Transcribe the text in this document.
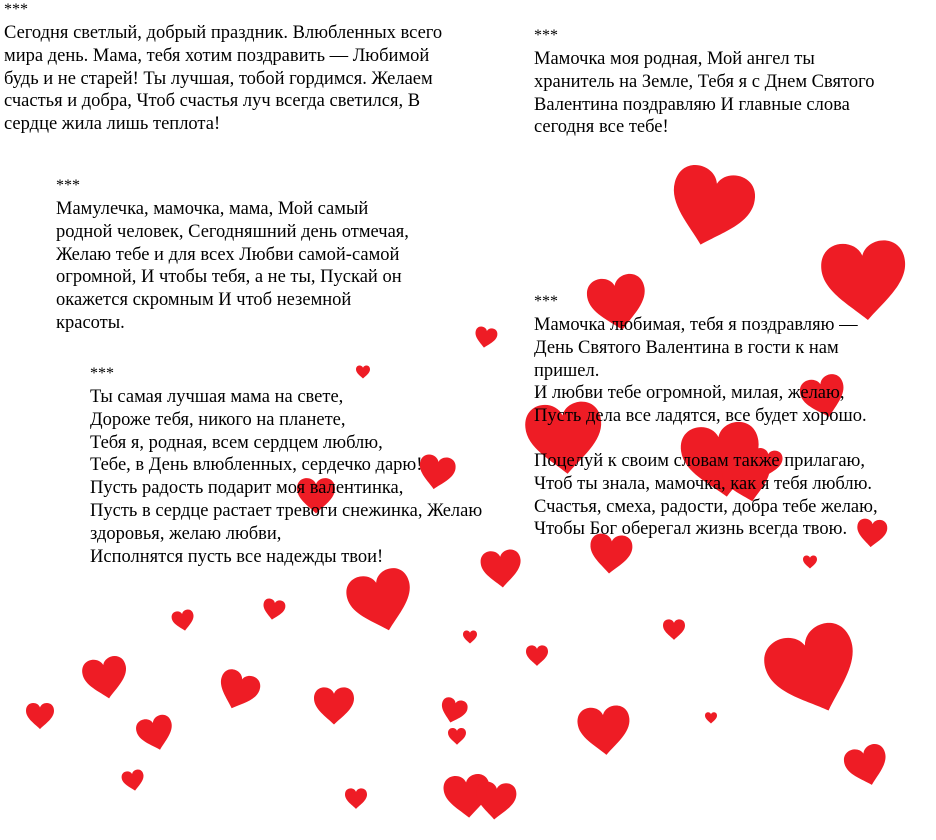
***
Сегодня светлый, добрый праздник. Влюбленных всего
мира день. Мама, тебя хотим поздравить — Любимой
будь и не старей! Ты лучшая, тобой гордимся. Желаем
счастья и добра, Чтоб счастья луч всегда светился, В
сердце жила лишь теплота!
***
Мамочка моя родная, Мой ангел ты
хранитель на Земле, Тебя я с Днем Святого
Валентина поздравляю И главные слова
сегодня все тебе!
***
Мамулечка, мамочка, мама, Мой самый
родной человек, Сегодняшний день отмечая,
Желаю тебе и для всех Любви самой-самой
огромной, И чтобы тебя, а не ты, Пускай он
окажется скромным И чтоб неземной
красоты.
***
Ты самая лучшая мама на свете,
Дороже тебя, никого на планете,
Тебя я, родная, всем сердцем люблю,
Тебе, в День влюбленных, сердечко дарю!
Пусть радость подарит моя валентинка,
Пусть в сердце растает тревоги снежинка, Желаю
здоровья, желаю любви,
Исполнятся пусть все надежды твои!
***
Мамочка любимая, тебя я поздравляю —
День Святого Валентина в гости к нам
пришел.
И любви тебе огромной, милая, желаю,
Пусть дела все ладятся, все будет хорошо.
Поцелуй к своим словам также прилагаю,
Чтоб ты знала, мамочка, как я тебя люблю.
Счастья, смеха, радости, добра тебе желаю,
Чтобы Бог оберегал жизнь всегда твою.
